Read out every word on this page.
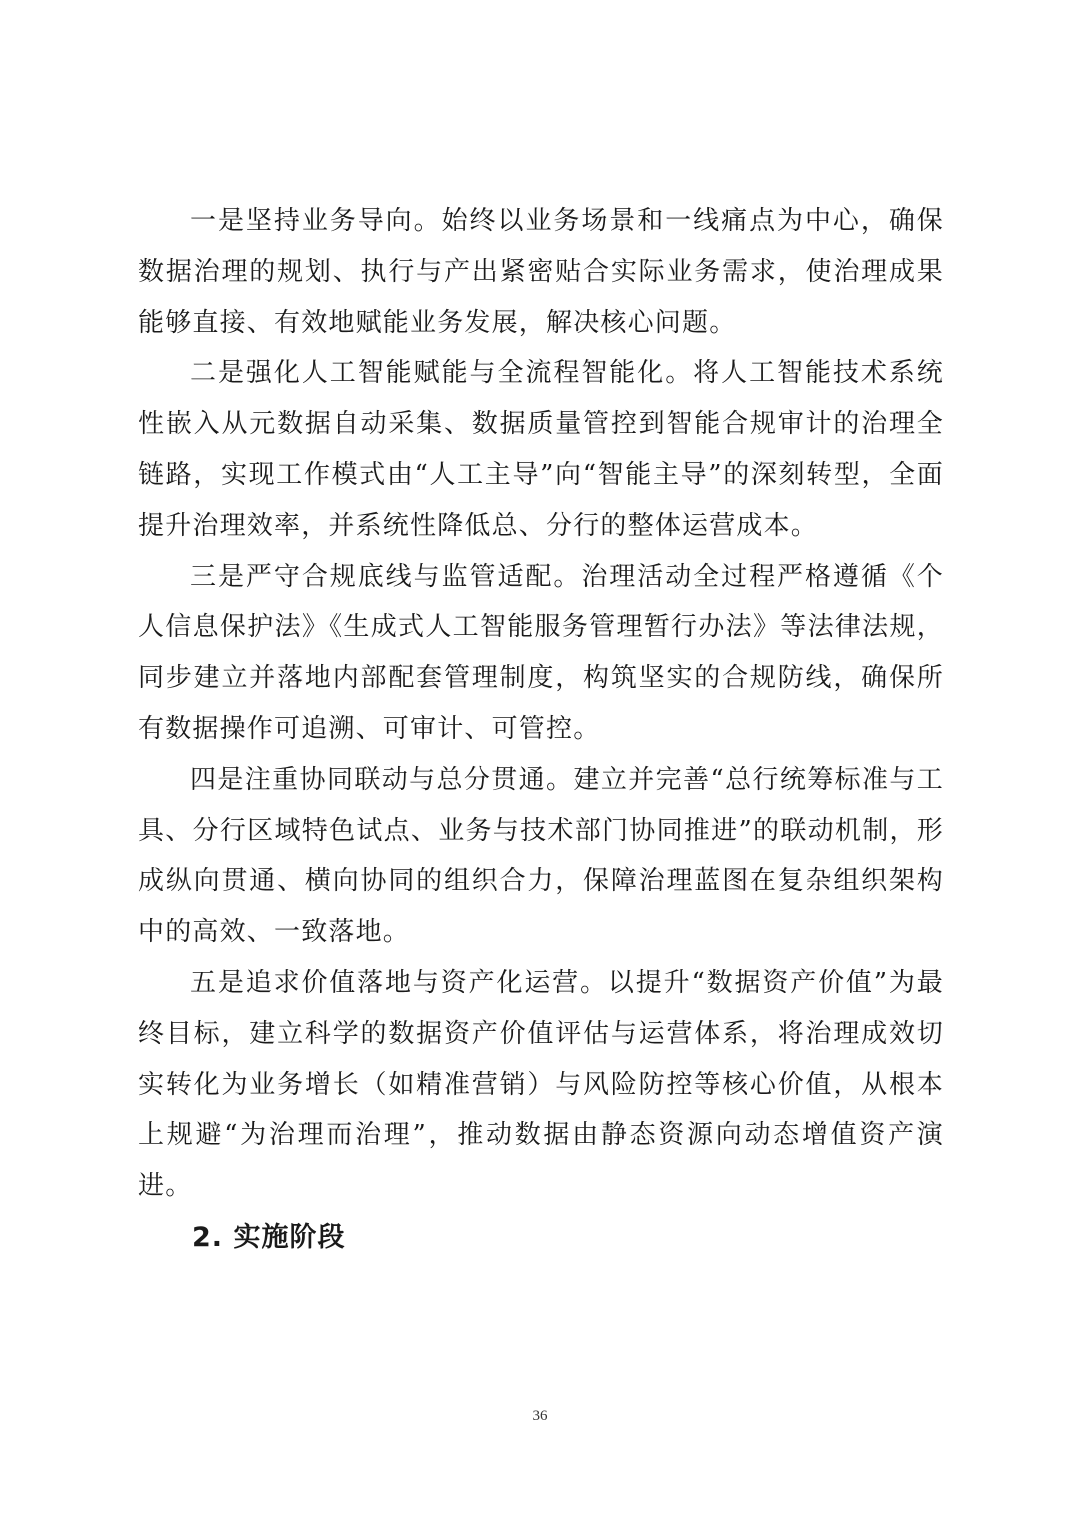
一是坚持业务导向。始终以业务场景和一线痛点为中心，确保数据治理的规划、执行与产出紧密贴合实际业务需求，使治理成果能够直接、有效地赋能业务发展，解决核心问题。

二是强化人工智能赋能与全流程智能化。将人工智能技术系统性嵌入从元数据自动采集、数据质量管控到智能合规审计的治理全链路，实现工作模式由“人工主导”向“智能主导”的深刻转型，全面提升治理效率，并系统性降低总、分行的整体运营成本。

三是严守合规底线与监管适配。治理活动全过程严格遵循《个人信息保护法》《生成式人工智能服务管理暂行办法》等法律法规，同步建立并落地内部配套管理制度，构筑坚实的合规防线，确保所有数据操作可追溯、可审计、可管控。

四是注重协同联动与总分贯通。建立并完善“总行统筹标准与工具、分行区域特色试点、业务与技术部门协同推进”的联动机制，形成纵向贯通、横向协同的组织合力，保障治理蓝图在复杂组织架构中的高效、一致落地。

五是追求价值落地与资产化运营。以提升“数据资产价值”为最终目标，建立科学的数据资产价值评估与运营体系，将治理成效切实转化为业务增长（如精准营销）与风险防控等核心价值，从根本上规避“为治理而治理”，推动数据由静态资源向动态增值资产演进。

2. 实施阶段

36
